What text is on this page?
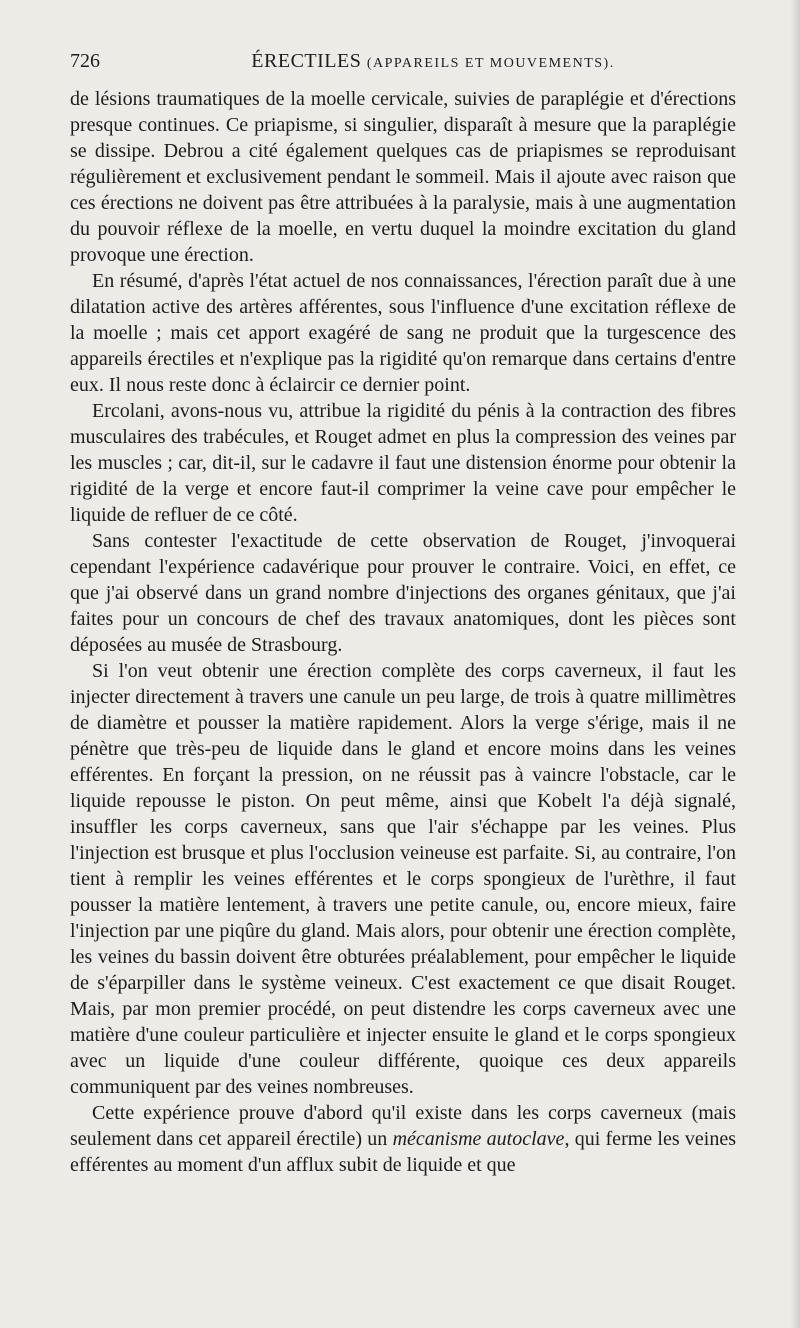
726	ÉRECTILES (APPAREILS ET MOUVEMENTS).

de lésions traumatiques de la moelle cervicale, suivies de paraplégie et d'érections presque continues. Ce priapisme, si singulier, disparaît à mesure que la paraplégie se dissipe. Debrou a cité également quelques cas de priapismes se reproduisant régulièrement et exclusivement pendant le sommeil. Mais il ajoute avec raison que ces érections ne doivent pas être attribuées à la paralysie, mais à une augmentation du pouvoir réflexe de la moelle, en vertu duquel la moindre excitation du gland provoque une érection.

En résumé, d'après l'état actuel de nos connaissances, l'érection paraît due à une dilatation active des artères afférentes, sous l'influence d'une excitation réflexe de la moelle ; mais cet apport exagéré de sang ne produit que la turgescence des appareils érectiles et n'explique pas la rigidité qu'on remarque dans certains d'entre eux. Il nous reste donc à éclaircir ce dernier point.

Ercolani, avons-nous vu, attribue la rigidité du pénis à la contraction des fibres musculaires des trabécules, et Rouget admet en plus la compression des veines par les muscles ; car, dit-il, sur le cadavre il faut une distension énorme pour obtenir la rigidité de la verge et encore faut-il comprimer la veine cave pour empêcher le liquide de refluer de ce côté.

Sans contester l'exactitude de cette observation de Rouget, j'invoquerai cependant l'expérience cadavérique pour prouver le contraire. Voici, en effet, ce que j'ai observé dans un grand nombre d'injections des organes génitaux, que j'ai faites pour un concours de chef des travaux anatomiques, dont les pièces sont déposées au musée de Strasbourg.

Si l'on veut obtenir une érection complète des corps caverneux, il faut les injecter directement à travers une canule un peu large, de trois à quatre millimètres de diamètre et pousser la matière rapidement. Alors la verge s'érige, mais il ne pénètre que très-peu de liquide dans le gland et encore moins dans les veines efférentes. En forçant la pression, on ne réussit pas à vaincre l'obstacle, car le liquide repousse le piston. On peut même, ainsi que Kobelt l'a déjà signalé, insuffler les corps caverneux, sans que l'air s'échappe par les veines. Plus l'injection est brusque et plus l'occlusion veineuse est parfaite. Si, au contraire, l'on tient à remplir les veines efférentes et le corps spongieux de l'urèthre, il faut pousser la matière lentement, à travers une petite canule, ou, encore mieux, faire l'injection par une piqûre du gland. Mais alors, pour obtenir une érection complète, les veines du bassin doivent être obturées préalablement, pour empêcher le liquide de s'éparpiller dans le système veineux. C'est exactement ce que disait Rouget. Mais, par mon premier procédé, on peut distendre les corps caverneux avec une matière d'une couleur particulière et injecter ensuite le gland et le corps spongieux avec un liquide d'une couleur différente, quoique ces deux appareils communiquent par des veines nombreuses.

Cette expérience prouve d'abord qu'il existe dans les corps caverneux (mais seulement dans cet appareil érectile) un mécanisme autoclave, qui ferme les veines efférentes au moment d'un afflux subit de liquide et que
